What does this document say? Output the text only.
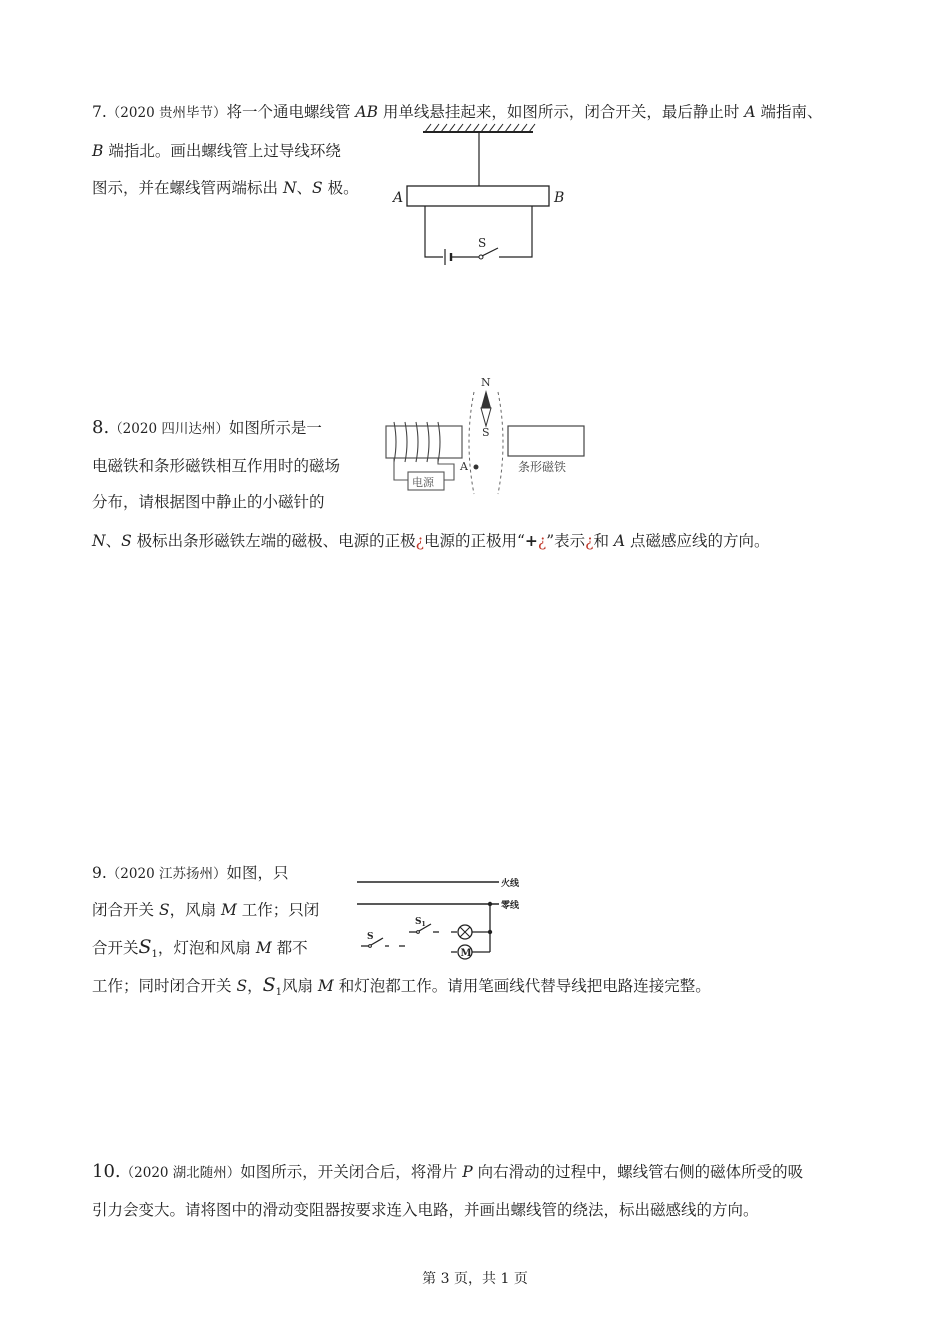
7.（2020 贵州毕节）将一个通电螺线管 AB 用单线悬挂起来，如图所示，闭合开关，最后静止时 A 端指南、
B 端指北。画出螺线管上过导线环绕
图示，并在螺线管两端标出 N、S 极。
A	B
S
8.（2020 四川达州）如图所示是一
电磁铁和条形磁铁相互作用时的磁场
分布，请根据图中静止的小磁针的
N、S 极标出条形磁铁左端的磁极、电源的正极¿电源的正极用“+¿”表示¿和 A 点磁感应线的方向。
电源
N
S
A	条形磁铁
9.（2020 江苏扬州）如图，只
闭合开关 S，风扇 M 工作；只闭
合开关$S_1$，灯泡和风扇 M 都不
工作；同时闭合开关 S，$S_1$风扇 M 和灯泡都工作。请用笔画线代替导线把电路连接完整。
火线
零线
S
$S_1$
M
10.（2020 湖北随州）如图所示，开关闭合后，将滑片 P 向右滑动的过程中，螺线管右侧的磁体所受的吸
引力会变大。请将图中的滑动变阻器按要求连入电路，并画出螺线管的绕法，标出磁感线的方向。
第 3 页，共 1 页
